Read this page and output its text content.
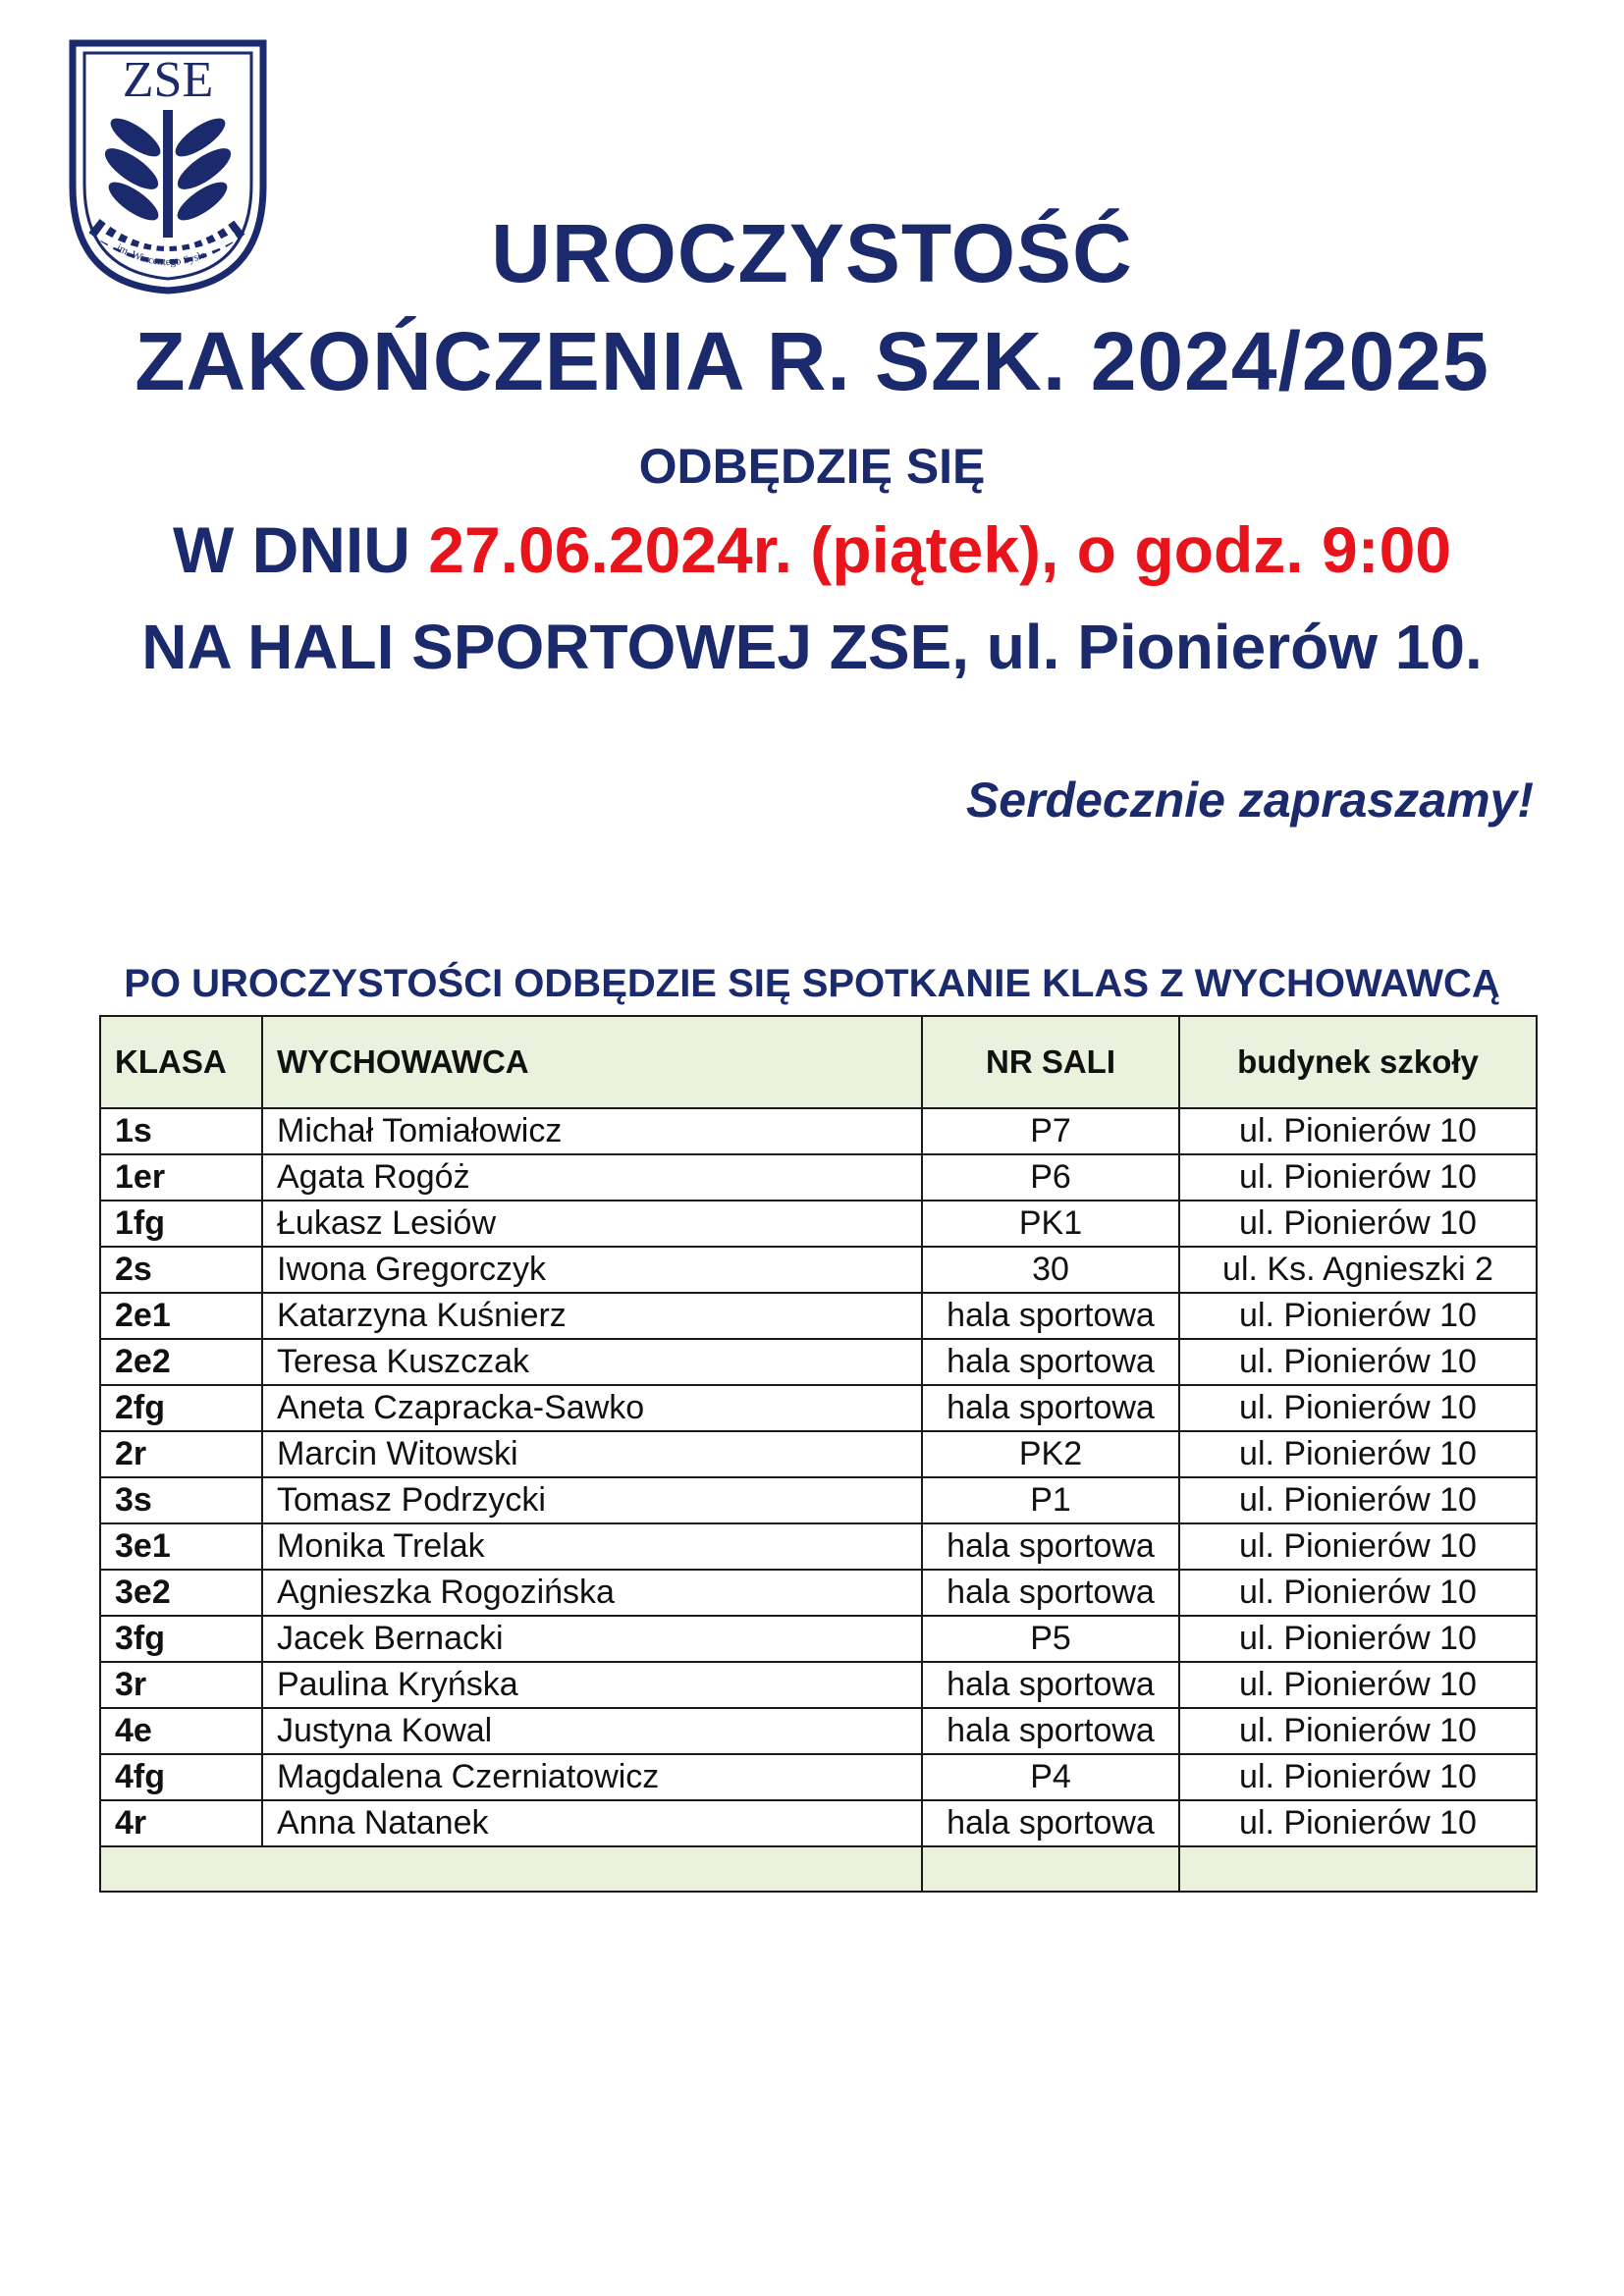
ZSE
im. Wincentego Sysła	UROCZYSTOŚĆ
ZAKOŃCZENIA R. SZK. 2024/2025
ODBĘDZIĘ SIĘ
W DNIU 27.06.2024r. (piątek), o godz. 9:00
NA HALI SPORTOWEJ ZSE, ul. Pionierów 10.
Serdecznie zapraszamy!
PO UROCZYSTOŚCI ODBĘDZIE SIĘ SPOTKANIE KLAS Z WYCHOWAWCĄ
KLASA	WYCHOWAWCA	NR SALI	budynek szkoły
1s	Michał Tomiałowicz	P7	ul. Pionierów 10
1er	Agata Rogóż	P6	ul. Pionierów 10
1fg	Łukasz Lesiów	PK1	ul. Pionierów 10
2s	Iwona Gregorczyk	30	ul. Ks. Agnieszki 2
2e1	Katarzyna Kuśnierz	hala sportowa	ul. Pionierów 10
2e2	Teresa Kuszczak	hala sportowa	ul. Pionierów 10
2fg	Aneta Czapracka-Sawko	hala sportowa	ul. Pionierów 10
2r	Marcin Witowski	PK2	ul. Pionierów 10
3s	Tomasz Podrzycki	P1	ul. Pionierów 10
3e1	Monika Trelak	hala sportowa	ul. Pionierów 10
3e2	Agnieszka Rogozińska	hala sportowa	ul. Pionierów 10
3fg	Jacek Bernacki	P5	ul. Pionierów 10
3r	Paulina Kryńska	hala sportowa	ul. Pionierów 10
4e	Justyna Kowal	hala sportowa	ul. Pionierów 10
4fg	Magdalena Czerniatowicz	P4	ul. Pionierów 10
4r	Anna Natanek	hala sportowa	ul. Pionierów 10
